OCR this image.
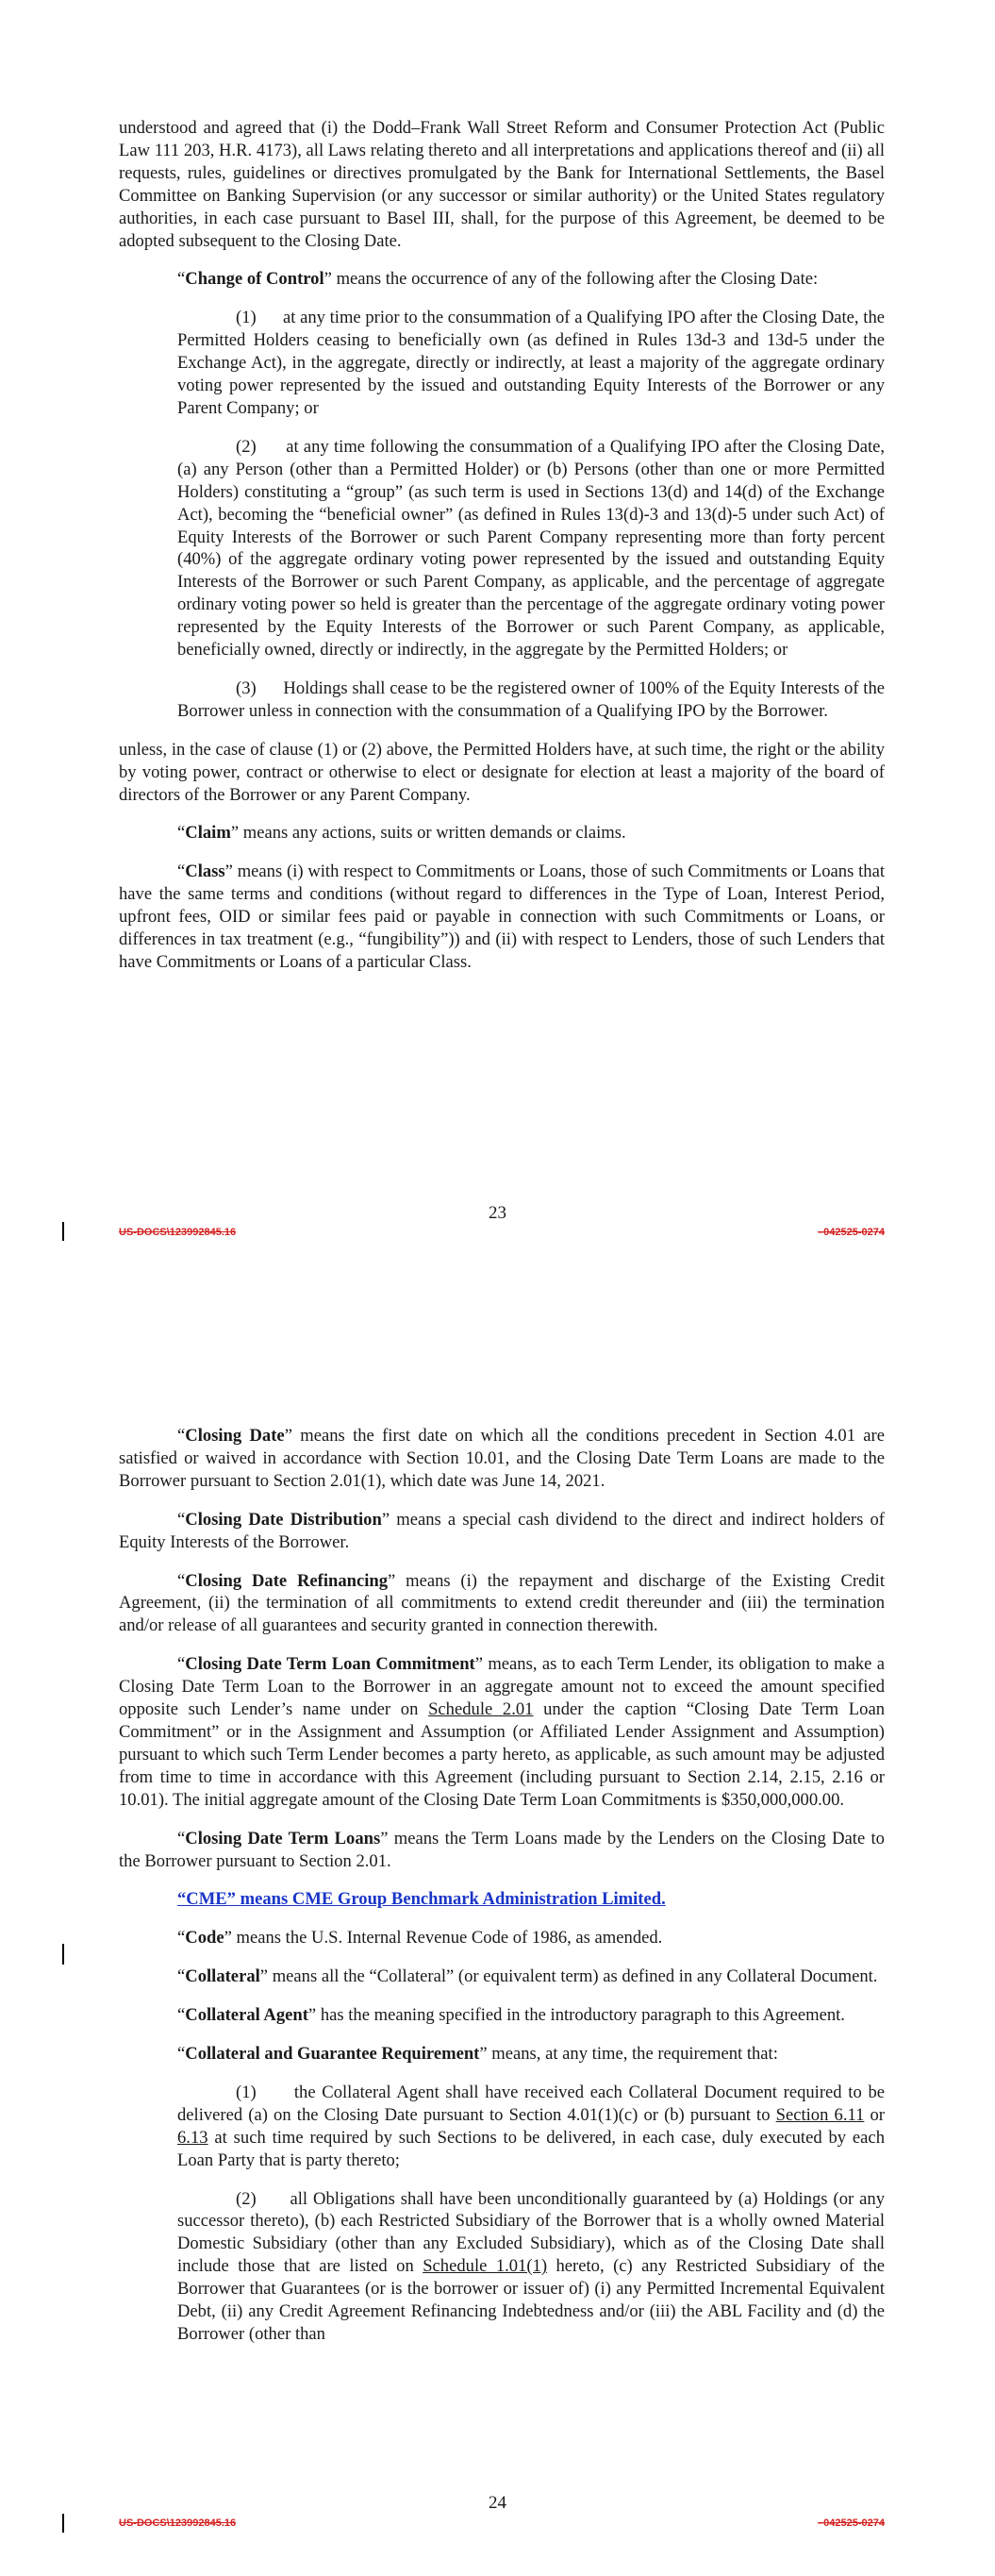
understood and agreed that (i) the Dodd–Frank Wall Street Reform and Consumer Protection Act (Public Law 111 203, H.R. 4173), all Laws relating thereto and all interpretations and applications thereof and (ii) all requests, rules, guidelines or directives promulgated by the Bank for International Settlements, the Basel Committee on Banking Supervision (or any successor or similar authority) or the United States regulatory authorities, in each case pursuant to Basel III, shall, for the purpose of this Agreement, be deemed to be adopted subsequent to the Closing Date.

“Change of Control” means the occurrence of any of the following after the Closing Date:

(1) at any time prior to the consummation of a Qualifying IPO after the Closing Date, the Permitted Holders ceasing to beneficially own (as defined in Rules 13d-3 and 13d-5 under the Exchange Act), in the aggregate, directly or indirectly, at least a majority of the aggregate ordinary voting power represented by the issued and outstanding Equity Interests of the Borrower or any Parent Company; or

(2) at any time following the consummation of a Qualifying IPO after the Closing Date, (a) any Person (other than a Permitted Holder) or (b) Persons (other than one or more Permitted Holders) constituting a “group” (as such term is used in Sections 13(d) and 14(d) of the Exchange Act), becoming the “beneficial owner” (as defined in Rules 13(d)-3 and 13(d)-5 under such Act) of Equity Interests of the Borrower or such Parent Company representing more than forty percent (40%) of the aggregate ordinary voting power represented by the issued and outstanding Equity Interests of the Borrower or such Parent Company, as applicable, and the percentage of aggregate ordinary voting power so held is greater than the percentage of the aggregate ordinary voting power represented by the Equity Interests of the Borrower or such Parent Company, as applicable, beneficially owned, directly or indirectly, in the aggregate by the Permitted Holders; or

(3) Holdings shall cease to be the registered owner of 100% of the Equity Interests of the Borrower unless in connection with the consummation of a Qualifying IPO by the Borrower.

unless, in the case of clause (1) or (2) above, the Permitted Holders have, at such time, the right or the ability by voting power, contract or otherwise to elect or designate for election at least a majority of the board of directors of the Borrower or any Parent Company.

“Claim” means any actions, suits or written demands or claims.

“Class” means (i) with respect to Commitments or Loans, those of such Commitments or Loans that have the same terms and conditions (without regard to differences in the Type of Loan, Interest Period, upfront fees, OID or similar fees paid or payable in connection with such Commitments or Loans, or differences in tax treatment (e.g., “fungibility”)) and (ii) with respect to Lenders, those of such Lenders that have Commitments or Loans of a particular Class.

23
US-DOCS\123992845.16	–042525-0274

“Closing Date” means the first date on which all the conditions precedent in Section 4.01 are satisfied or waived in accordance with Section 10.01, and the Closing Date Term Loans are made to the Borrower pursuant to Section 2.01(1), which date was June 14, 2021.

“Closing Date Distribution” means a special cash dividend to the direct and indirect holders of Equity Interests of the Borrower.

“Closing Date Refinancing” means (i) the repayment and discharge of the Existing Credit Agreement, (ii) the termination of all commitments to extend credit thereunder and (iii) the termination and/or release of all guarantees and security granted in connection therewith.

“Closing Date Term Loan Commitment” means, as to each Term Lender, its obligation to make a Closing Date Term Loan to the Borrower in an aggregate amount not to exceed the amount specified opposite such Lender’s name under on Schedule 2.01 under the caption “Closing Date Term Loan Commitment” or in the Assignment and Assumption (or Affiliated Lender Assignment and Assumption) pursuant to which such Term Lender becomes a party hereto, as applicable, as such amount may be adjusted from time to time in accordance with this Agreement (including pursuant to Section 2.14, 2.15, 2.16 or 10.01). The initial aggregate amount of the Closing Date Term Loan Commitments is $350,000,000.00.

“Closing Date Term Loans” means the Term Loans made by the Lenders on the Closing Date to the Borrower pursuant to Section 2.01.

“CME” means CME Group Benchmark Administration Limited.

“Code” means the U.S. Internal Revenue Code of 1986, as amended.

“Collateral” means all the “Collateral” (or equivalent term) as defined in any Collateral Document.

“Collateral Agent” has the meaning specified in the introductory paragraph to this Agreement.

“Collateral and Guarantee Requirement” means, at any time, the requirement that:

(1) the Collateral Agent shall have received each Collateral Document required to be delivered (a) on the Closing Date pursuant to Section 4.01(1)(c) or (b) pursuant to Section 6.11 or 6.13 at such time required by such Sections to be delivered, in each case, duly executed by each Loan Party that is party thereto;

(2) all Obligations shall have been unconditionally guaranteed by (a) Holdings (or any successor thereto), (b) each Restricted Subsidiary of the Borrower that is a wholly owned Material Domestic Subsidiary (other than any Excluded Subsidiary), which as of the Closing Date shall include those that are listed on Schedule 1.01(1) hereto, (c) any Restricted Subsidiary of the Borrower that Guarantees (or is the borrower or issuer of) (i) any Permitted Incremental Equivalent Debt, (ii) any Credit Agreement Refinancing Indebtedness and/or (iii) the ABL Facility and (d) the Borrower (other than

24
US-DOCS\123992845.16	–042525-0274
